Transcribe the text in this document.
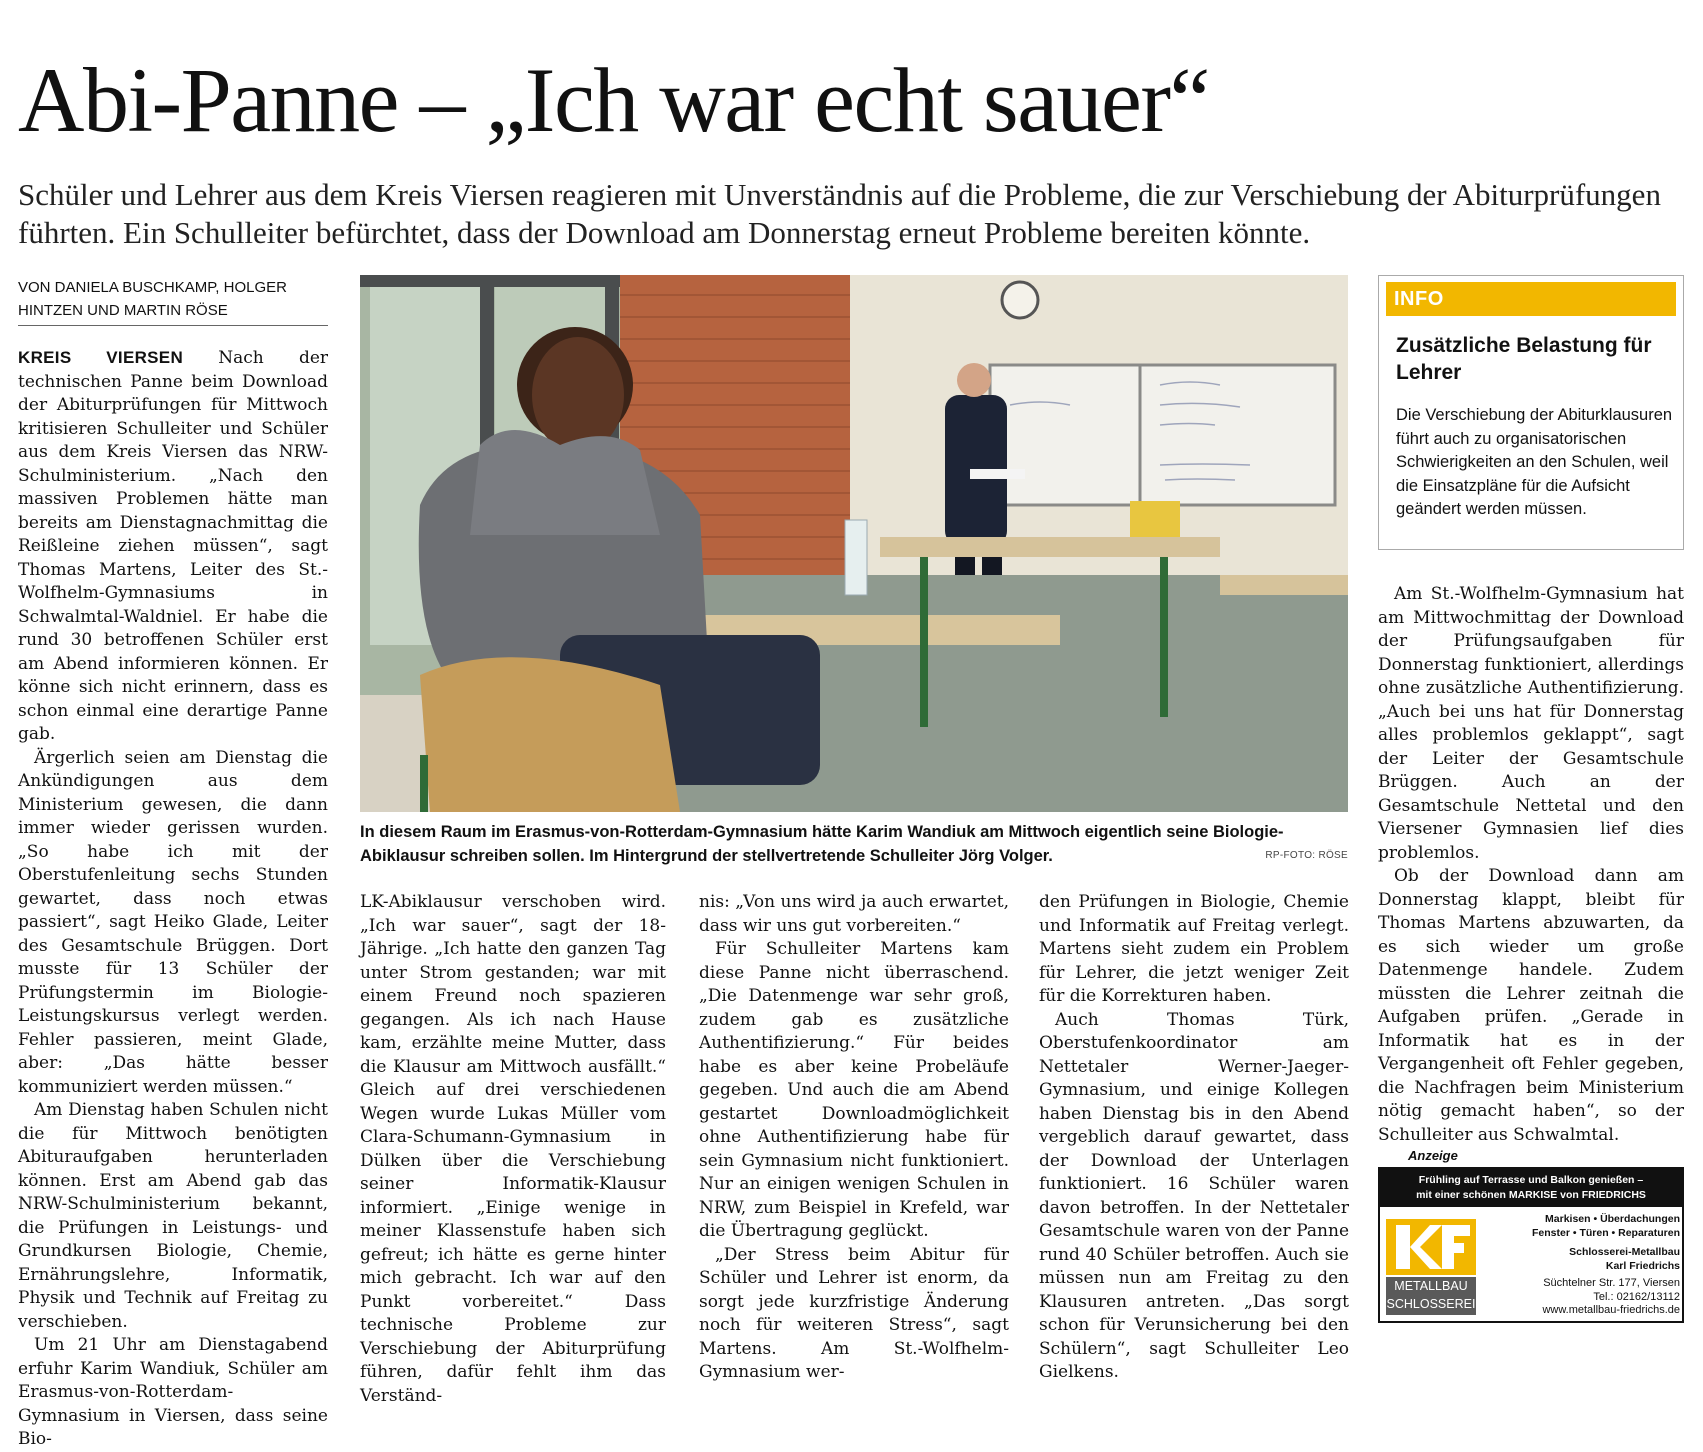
Abi-Panne – „Ich war echt sauer“
Schüler und Lehrer aus dem Kreis Viersen reagieren mit Unverständnis auf die Probleme, die zur Verschiebung der Abiturprüfungen führten. Ein Schulleiter befürchtet, dass der Download am Donnerstag erneut Probleme bereiten könnte.
VON DANIELA BUSCHKAMP, HOLGER HINTZEN UND MARTIN RÖSE

KREIS VIERSEN Nach der technischen Panne beim Download der Abiturprüfungen für Mittwoch kritisieren Schulleiter und Schüler aus dem Kreis Viersen das NRW-Schulministerium. „Nach den massiven Problemen hätte man bereits am Dienstagnachmittag die Reißleine ziehen müssen“, sagt Thomas Martens, Leiter des St.-Wolfhelm-Gymnasiums in Schwalmtal-Waldniel. Er habe die rund 30 betroffenen Schüler erst am Abend informieren können. Er könne sich nicht erinnern, dass es schon einmal eine derartige Panne gab.

Ärgerlich seien am Dienstag die Ankündigungen aus dem Ministerium gewesen, die dann immer wieder gerissen wurden. „So habe ich mit der Oberstufenleitung sechs Stunden gewartet, dass noch etwas passiert“, sagt Heiko Glade, Leiter des Gesamtschule Brüggen. Dort musste für 13 Schüler der Prüfungstermin im Biologie-Leistungskursus verlegt werden. Fehler passieren, meint Glade, aber: „Das hätte besser kommuniziert werden müssen.“

Am Dienstag haben Schulen nicht die für Mittwoch benötigten Abituraufgaben herunterladen können. Erst am Abend gab das NRW-Schulministerium bekannt, die Prüfungen in Leistungs- und Grundkursen Biologie, Chemie, Ernährungslehre, Informatik, Physik und Technik auf Freitag zu verschieben.

Um 21 Uhr am Dienstagabend erfuhr Karim Wandiuk, Schüler am Erasmus-von-Rotterdam-Gymnasium in Viersen, dass seine Bio-

In diesem Raum im Erasmus-von-Rotterdam-Gymnasium hätte Karim Wandiuk am Mittwoch eigentlich seine Biologie-Abiklausur schreiben sollen. Im Hintergrund der stellvertretende Schulleiter Jörg Volger.	RP-FOTO: RÖSE

LK-Abiklausur verschoben wird. „Ich war sauer“, sagt der 18-Jährige. „Ich hatte den ganzen Tag unter Strom gestanden; war mit einem Freund noch spazieren gegangen. Als ich nach Hause kam, erzählte meine Mutter, dass die Klausur am Mittwoch ausfällt.“ Gleich auf drei verschiedenen Wegen wurde Lukas Müller vom Clara-Schumann-Gymnasium in Dülken über die Verschiebung seiner Informatik-Klausur informiert. „Einige wenige in meiner Klassenstufe haben sich gefreut; ich hätte es gerne hinter mich gebracht. Ich war auf den Punkt vorbereitet.“ Dass technische Probleme zur Verschiebung der Abiturprüfung führen, dafür fehlt ihm das Verständ-

nis: „Von uns wird ja auch erwartet, dass wir uns gut vorbereiten.“

Für Schulleiter Martens kam diese Panne nicht überraschend. „Die Datenmenge war sehr groß, zudem gab es zusätzliche Authentifizierung.“ Für beides habe es aber keine Probeläufe gegeben. Und auch die am Abend gestartet Downloadmöglichkeit ohne Authentifizierung habe für sein Gymnasium nicht funktioniert. Nur an einigen wenigen Schulen in NRW, zum Beispiel in Krefeld, war die Übertragung geglückt.

„Der Stress beim Abitur für Schüler und Lehrer ist enorm, da sorgt jede kurzfristige Änderung noch für weiteren Stress“, sagt Martens. Am St.-Wolfhelm-Gymnasium wer-

den Prüfungen in Biologie, Chemie und Informatik auf Freitag verlegt. Martens sieht zudem ein Problem für Lehrer, die jetzt weniger Zeit für die Korrekturen haben.

Auch Thomas Türk, Oberstufenkoordinator am Nettetaler Werner-Jaeger-Gymnasium, und einige Kollegen haben Dienstag bis in den Abend vergeblich darauf gewartet, dass der Download der Unterlagen funktioniert. 16 Schüler waren davon betroffen. In der Nettetaler Gesamtschule waren von der Panne rund 40 Schüler betroffen. Auch sie müssen nun am Freitag zu den Klausuren antreten. „Das sorgt schon für Verunsicherung bei den Schülern“, sagt Schulleiter Leo Gielkens.

INFO
Zusätzliche Belastung für Lehrer
Die Verschiebung der Abiturklausuren führt auch zu organisatorischen Schwierigkeiten an den Schulen, weil die Einsatzpläne für die Aufsicht geändert werden müssen.

Am St.-Wolfhelm-Gymnasium hat am Mittwochmittag der Download der Prüfungsaufgaben für Donnerstag funktioniert, allerdings ohne zusätzliche Authentifizierung. „Auch bei uns hat für Donnerstag alles problemlos geklappt“, sagt der Leiter der Gesamtschule Brüggen. Auch an der Gesamtschule Nettetal und den Viersener Gymnasien lief dies problemlos.

Ob der Download dann am Donnerstag klappt, bleibt für Thomas Martens abzuwarten, da es sich wieder um große Datenmenge handele. Zudem müssten die Lehrer zeitnah die Aufgaben prüfen. „Gerade in Informatik hat es in der Vergangenheit oft Fehler gegeben, die Nachfragen beim Ministerium nötig gemacht haben“, so der Schulleiter aus Schwalmtal.

Anzeige
Frühling auf Terrasse und Balkon genießen –
mit einer schönen MARKISE von FRIEDRICHS
METALLBAU
SCHLOSSEREI
Markisen • Überdachungen
Fenster • Türen • Reparaturen
Schlosserei-Metallbau
Karl Friedrichs
Süchtelner Str. 177, Viersen
Tel.: 02162/13112
www.metallbau-friedrichs.de
